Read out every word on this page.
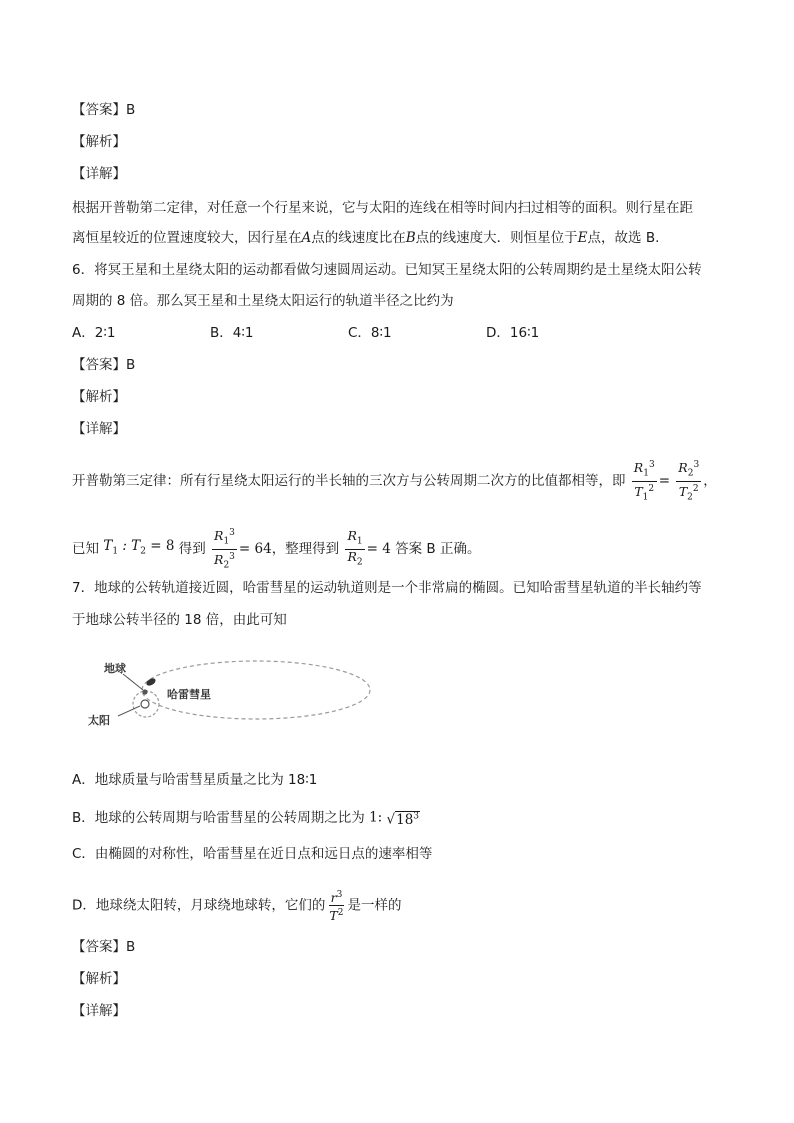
【答案】B
【解析】
【详解】
根据开普勒第二定律，对任意一个行星来说，它与太阳的连线在相等时间内扫过相等的面积。则行星在距
离恒星较近的位置速度较大，因行星在A点的线速度比在B点的线速度大．则恒星位于E点，故选 B.
6．将冥王星和土星绕太阳的运动都看做匀速圆周运动。已知冥王星绕太阳的公转周期约是土星绕太阳公转
周期的 8 倍。那么冥王星和土星绕太阳运行的轨道半径之比约为
A．2∶1	B．4∶1	C．8∶1	D．16∶1
【答案】B
【解析】
【详解】
开普勒第三定律：所有行星绕太阳运行的半长轴的三次方与公转周期二次方的比值都相等，即 $\frac{R_1^3}{T_1^2} = \frac{R_2^3}{T_2^2}$ ，
已知 $T_1$ : $T_2 = 8$ 得到 $\frac{R_1^3}{R_2^3} = 64$，整理得到 $\frac{R_1}{R_2} = 4$ 答案 B 正确。
7．地球的公转轨道接近圆，哈雷彗星的运动轨道则是一个非常扁的椭圆。已知哈雷彗星轨道的半长轴约等
于地球公转半径的 18 倍，由此可知
地球
哈雷彗星
太阳
A．地球质量与哈雷彗星质量之比为 18∶1
B．地球的公转周期与哈雷彗星的公转周期之比为 1: $√18^3$
C．由椭圆的对称性，哈雷彗星在近日点和远日点的速率相等
D．地球绕太阳转，月球绕地球转，它们的 $\frac{r^3}{T^2}$ 是一样的
【答案】B
【解析】
【详解】
